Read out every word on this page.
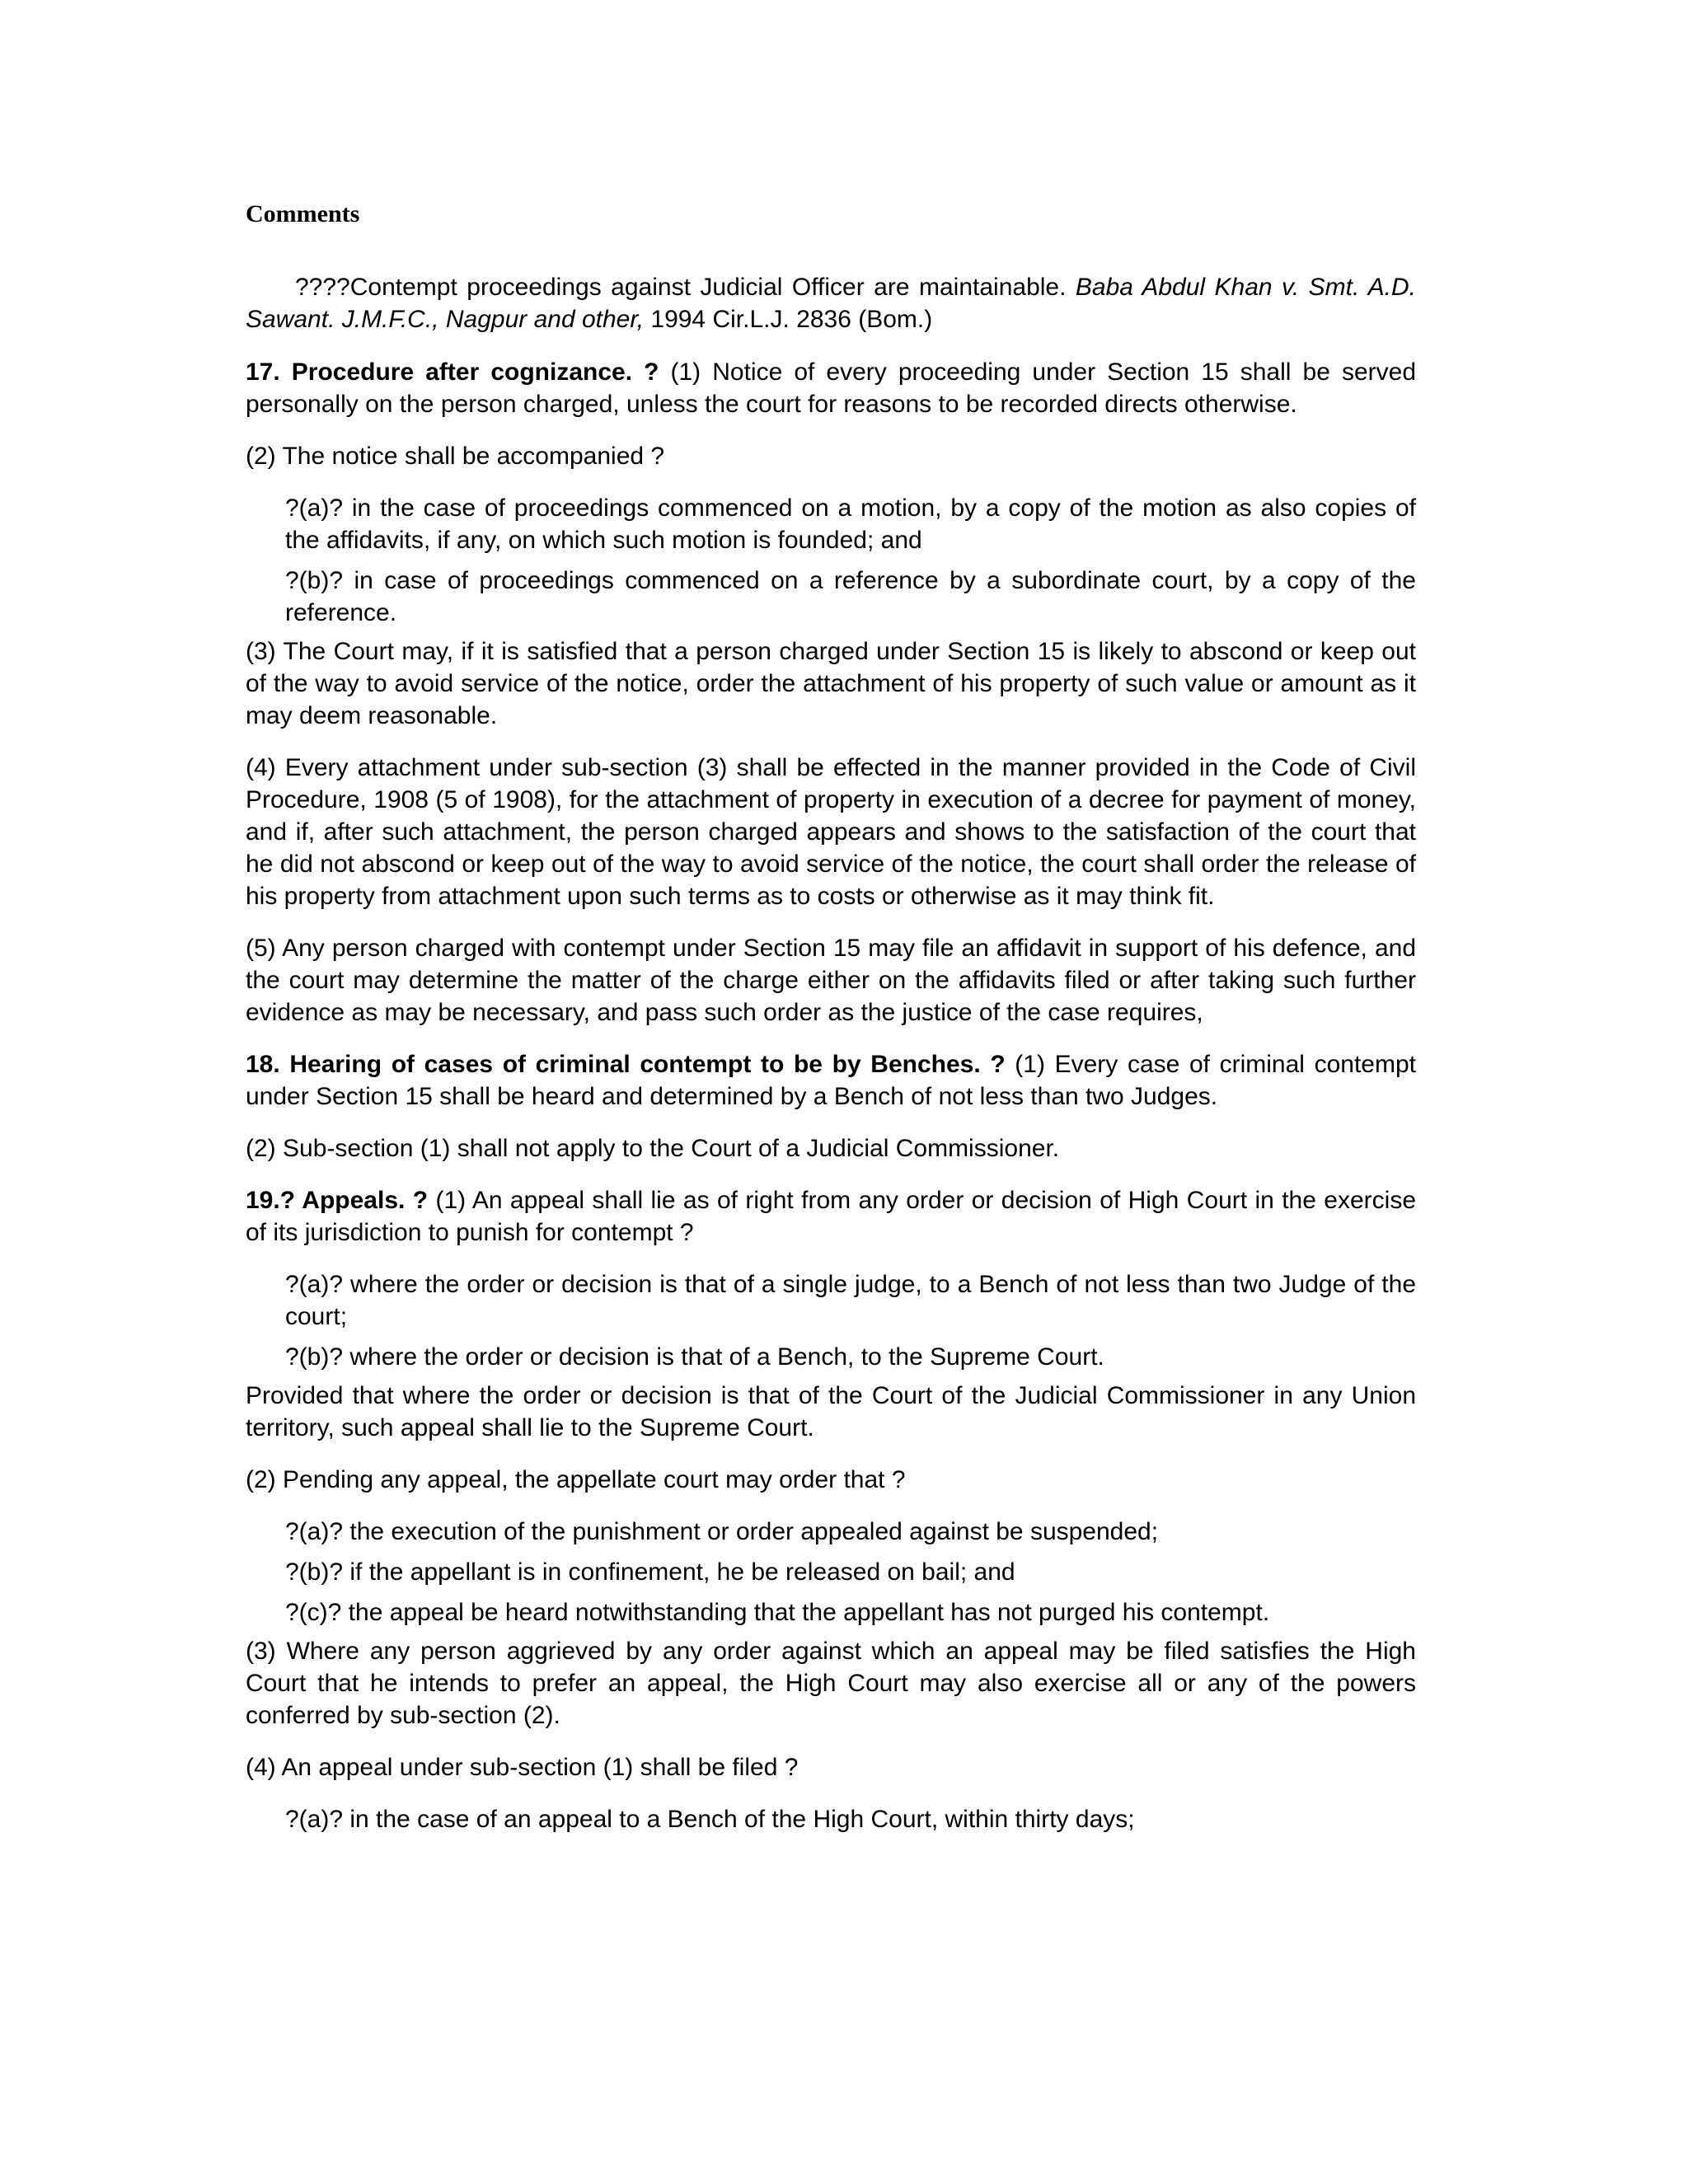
Comments

????Contempt proceedings against Judicial Officer are maintainable. Baba Abdul Khan v. Smt. A.D. Sawant. J.M.F.C., Nagpur and other, 1994 Cir.L.J. 2836 (Bom.)

17. Procedure after cognizance. ? (1) Notice of every proceeding under Section 15 shall be served personally on the person charged, unless the court for reasons to be recorded directs otherwise.

(2) The notice shall be accompanied ?

?(a)? in the case of proceedings commenced on a motion, by a copy of the motion as also copies of the affidavits, if any, on which such motion is founded; and
?(b)? in case of proceedings commenced on a reference by a subordinate court, by a copy of the reference.

(3) The Court may, if it is satisfied that a person charged under Section 15 is likely to abscond or keep out of the way to avoid service of the notice, order the attachment of his property of such value or amount as it may deem reasonable.

(4) Every attachment under sub-section (3) shall be effected in the manner provided in the Code of Civil Procedure, 1908 (5 of 1908), for the attachment of property in execution of a decree for payment of money, and if, after such attachment, the person charged appears and shows to the satisfaction of the court that he did not abscond or keep out of the way to avoid service of the notice, the court shall order the release of his property from attachment upon such terms as to costs or otherwise as it may think fit.

(5) Any person charged with contempt under Section 15 may file an affidavit in support of his defence, and the court may determine the matter of the charge either on the affidavits filed or after taking such further evidence as may be necessary, and pass such order as the justice of the case requires,

18. Hearing of cases of criminal contempt to be by Benches. ? (1) Every case of criminal contempt under Section 15 shall be heard and determined by a Bench of not less than two Judges.

(2) Sub-section (1) shall not apply to the Court of a Judicial Commissioner.

19.? Appeals. ? (1) An appeal shall lie as of right from any order or decision of High Court in the exercise of its jurisdiction to punish for contempt ?

?(a)? where the order or decision is that of a single judge, to a Bench of not less than two Judge of the court;
?(b)? where the order or decision is that of a Bench, to the Supreme Court.

Provided that where the order or decision is that of the Court of the Judicial Commissioner in any Union territory, such appeal shall lie to the Supreme Court.

(2) Pending any appeal, the appellate court may order that ?

?(a)? the execution of the punishment or order appealed against be suspended;
?(b)? if the appellant is in confinement, he be released on bail; and
?(c)? the appeal be heard notwithstanding that the appellant has not purged his contempt.

(3) Where any person aggrieved by any order against which an appeal may be filed satisfies the High Court that he intends to prefer an appeal, the High Court may also exercise all or any of the powers conferred by sub-section (2).

(4) An appeal under sub-section (1) shall be filed ?

?(a)? in the case of an appeal to a Bench of the High Court, within thirty days;
